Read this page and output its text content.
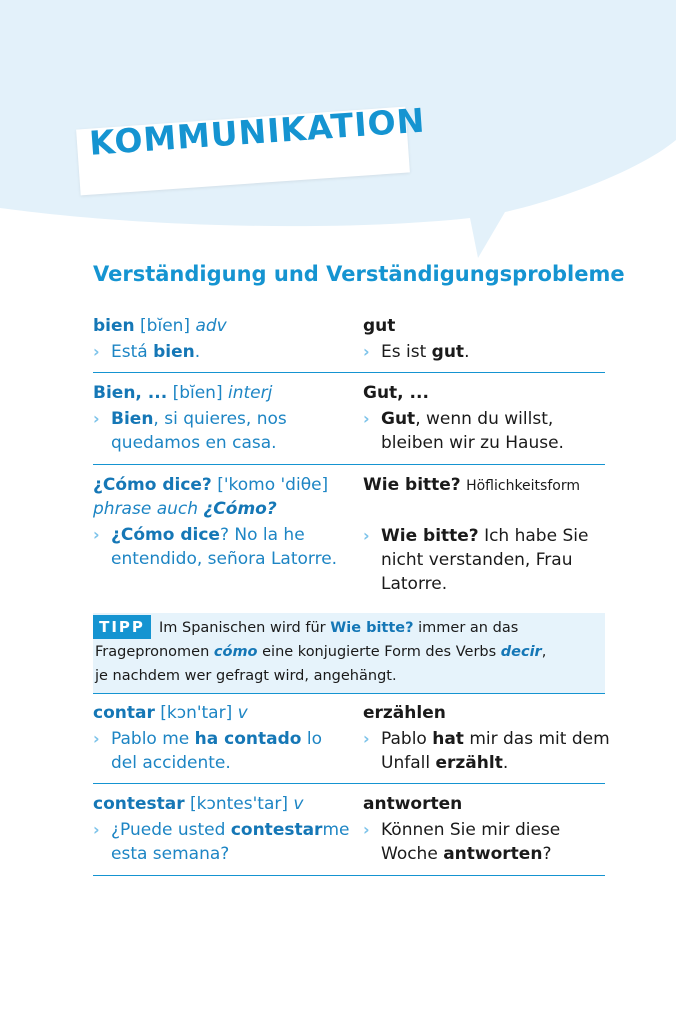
KOMMUNIKATION
Verständigung und Verständigungsprobleme
bien [bĭen] adv
› Está bien.
gut
› Es ist gut.
Bien, ... [bĭen] interj
› Bien, si quieres, nos
quedamos en casa.
Gut, ...
› Gut, wenn du willst,
bleiben wir zu Hause.
¿Cómo dice? ['komo 'diθe]
phrase auch ¿Cómo?
› ¿Cómo dice? No la he
entendido, señora Latorre.
Wie bitte? Höflichkeitsform
› Wie bitte? Ich habe Sie
nicht verstanden, Frau
Latorre.
TIPP Im Spanischen wird für Wie bitte? immer an das
Fragepronomen cómo eine konjugierte Form des Verbs decir,
je nachdem wer gefragt wird, angehängt.
contar [kɔn'tar] v
› Pablo me ha contado lo
del accidente.
erzählen
› Pablo hat mir das mit dem
Unfall erzählt.
contestar [kɔntes'tar] v
› ¿Puede usted contestarme
esta semana?
antworten
› Können Sie mir diese
Woche antworten?
